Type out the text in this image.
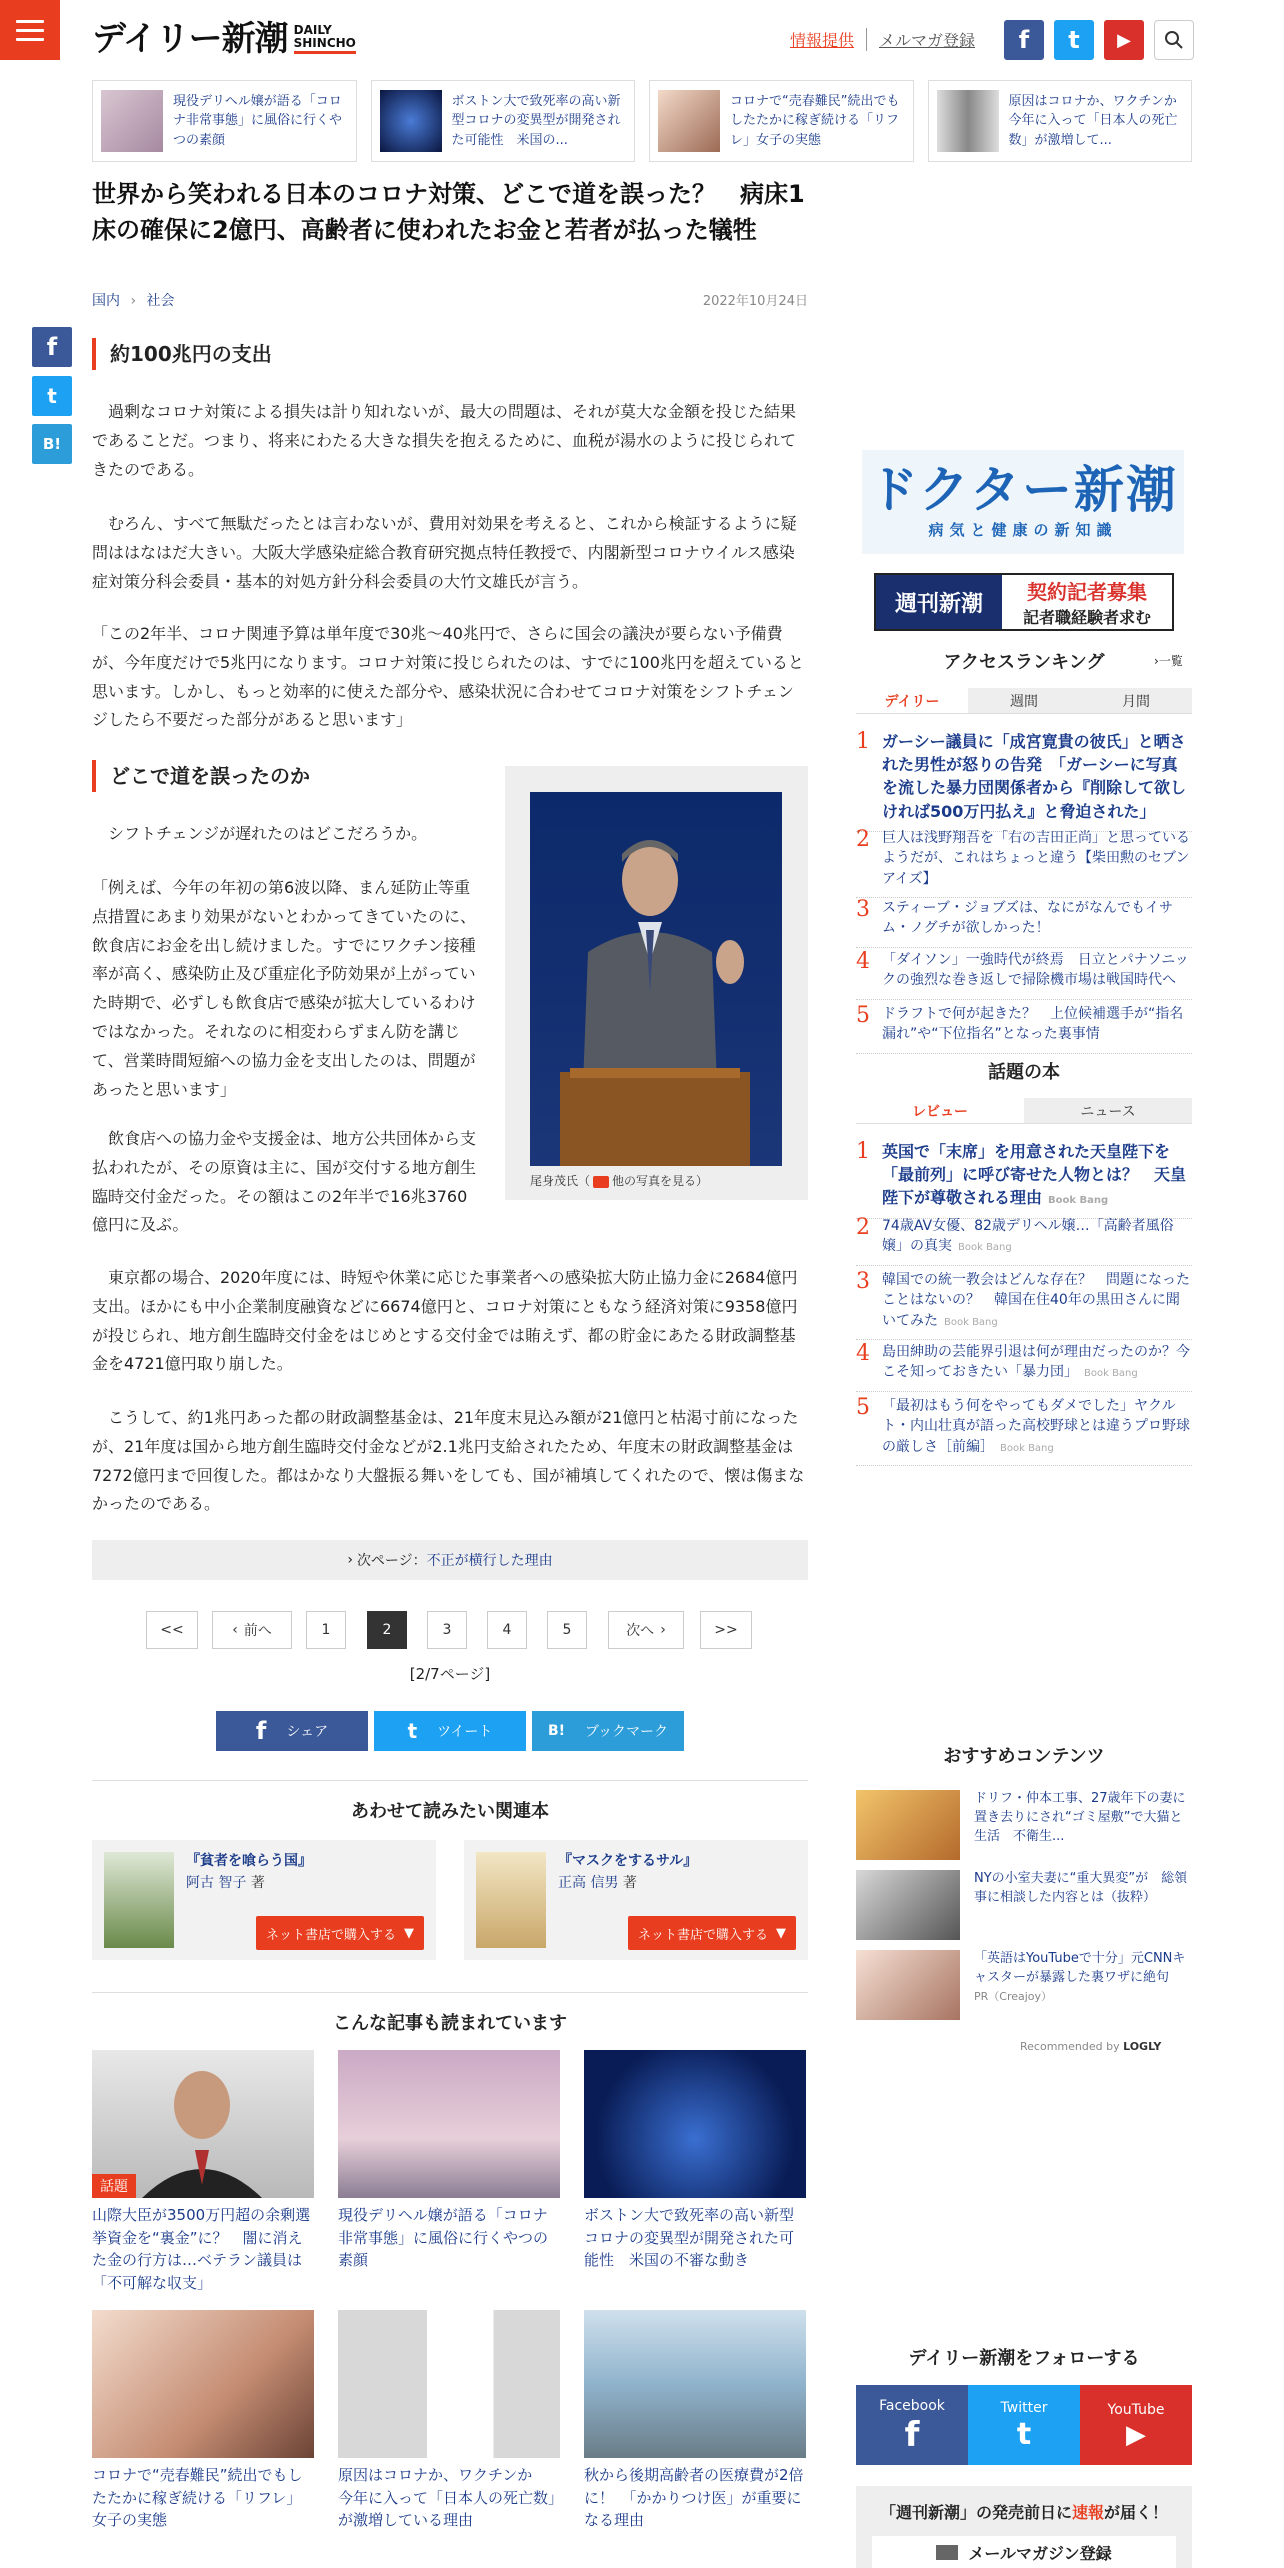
デイリー新潮 DAILY
SHINCHO	情報提供	メルマガ登録	f	t	▶
現役デリヘル嬢が語る「コロナ非常事態」に風俗に行くやつの素顔
ボストン大で致死率の高い新型コロナの変異型が開発された可能性　米国の...
コロナで“売春難民”続出でもしたたかに稼ぎ続ける「リフレ」女子の実態
原因はコロナか、ワクチンか　今年に入って「日本人の死亡数」が激増して...
世界から笑われる日本のコロナ対策、どこで道を誤った？　病床1床の確保に2億円、高齢者に使われたお金と若者が払った犠牲
国内 › 社会	2022年10月24日
f
t
B!
約100兆円の支出

　過剰なコロナ対策による損失は計り知れないが、最大の問題は、それが莫大な金額を投じた結果であることだ。つまり、将来にわたる大きな損失を抱えるために、血税が湯水のように投じられてきたのである。

　むろん、すべて無駄だったとは言わないが、費用対効果を考えると、これから検証するように疑問ははなはだ大きい。大阪大学感染症総合教育研究拠点特任教授で、内閣新型コロナウイルス感染症対策分科会委員・基本的対処方針分科会委員の大竹文雄氏が言う。

「この2年半、コロナ関連予算は単年度で30兆～40兆円で、さらに国会の議決が要らない予備費が、今年度だけで5兆円になります。コロナ対策に投じられたのは、すでに100兆円を超えていると思います。しかし、もっと効率的に使えた部分や、感染状況に合わせてコロナ対策をシフトチェンジしたら不要だった部分があると思います」

どこで道を誤ったのか

　シフトチェンジが遅れたのはどこだろうか。

「例えば、今年の年初の第6波以降、まん延防止等重点措置にあまり効果がないとわかってきていたのに、飲食店にお金を出し続けました。すでにワクチン接種率が高く、感染防止及び重症化予防効果が上がっていた時期で、必ずしも飲食店で感染が拡大しているわけではなかった。それなのに相変わらずまん防を講じて、営業時間短縮への協力金を支出したのは、問題があったと思います」

　飲食店への協力金や支援金は、地方公共団体から支払われたが、その原資は主に、国が交付する地方創生臨時交付金だった。その額はこの2年半で16兆3760億円に及ぶ。

尾身茂氏（ 他の写真を見る）

　東京都の場合、2020年度には、時短や休業に応じた事業者への感染拡大防止協力金に2684億円支出。ほかにも中小企業制度融資などに6674億円と、コロナ対策にともなう経済対策に9358億円が投じられ、地方創生臨時交付金をはじめとする交付金では賄えず、都の貯金にあたる財政調整基金を4721億円取り崩した。

　こうして、約1兆円あった都の財政調整基金は、21年度末見込み額が21億円と枯渇寸前になったが、21年度は国から地方創生臨時交付金などが2.1兆円支給されたため、年度末の財政調整基金は7272億円まで回復した。都はかなり大盤振る舞いをしても、国が補填してくれたので、懐は傷まなかったのである。

› 次ページ： 不正が横行した理由
<<	‹ 前へ	1	2	3	4	5	次へ ›	>>
[2/7ページ]
f シェア	t ツイート	B! ブックマーク
あわせて読みたい関連本
『貧者を喰らう国』
阿古 智子 著
ネット書店で購入する ▼
『マスクをするサル』
正高 信男 著
ネット書店で購入する ▼
こんな記事も読まれています
話題
山際大臣が3500万円超の余剰選挙資金を“裏金”に？　闇に消えた金の行方は…ベテラン議員は「不可解な収支」
現役デリヘル嬢が語る「コロナ非常事態」に風俗に行くやつの素顔
ボストン大で致死率の高い新型コロナの変異型が開発された可能性　米国の不審な動き
コロナで“売春難民”続出でもしたたかに稼ぎ続ける「リフレ」女子の実態
原因はコロナか、ワクチンか　今年に入って「日本人の死亡数」が激増している理由
秋から後期高齢者の医療費が2倍に！　「かかりつけ医」が重要になる理由
ドクター新潮
病気と健康の新知識
週刊新潮	契約記者募集
記者職経験者求む
アクセスランキング	›一覧
デイリー	週間	月間
1 ガーシー議員に「成宮寛貴の彼氏」と晒された男性が怒りの告発　「ガーシーに写真を流した暴力団関係者から『削除して欲しければ500万円払え』と脅迫された」
2 巨人は浅野翔吾を「右の吉田正尚」と思っているようだが、これはちょっと違う【柴田勲のセブンアイズ】
3 スティーブ・ジョブズは、なにがなんでもイサム・ノグチが欲しかった！
4 「ダイソン」一強時代が終焉　日立とパナソニックの強烈な巻き返しで掃除機市場は戦国時代へ
5 ドラフトで何が起きた？　上位候補選手が“指名漏れ”や“下位指名”となった裏事情
話題の本
レビュー	ニュース
1 英国で「末席」を用意された天皇陛下を「最前列」に呼び寄せた人物とは？　天皇陛下が尊敬される理由 Book Bang
2 74歳AV女優、82歳デリヘル嬢…「高齢者風俗嬢」の真実 Book Bang
3 韓国での統一教会はどんな存在？　問題になったことはないの？　韓国在住40年の黒田さんに聞いてみた Book Bang
4 島田紳助の芸能界引退は何が理由だったのか？今こそ知っておきたい「暴力団」 Book Bang
5 「最初はもう何をやってもダメでした」ヤクルト・内山壮真が語った高校野球とは違うプロ野球の厳しさ［前編］ Book Bang
おすすめコンテンツ
ドリフ・仲本工事、27歳年下の妻に置き去りにされ“ゴミ屋敷”で大猫と生活　不衛生...
NYの小室夫妻に“重大異変”が　総領事に相談した内容とは（抜粋）
「英語はYouTubeで十分」元CNNキャスターが暴露した裏ワザに絶句
PR（Creajoy）
Recommended by LOGLY
デイリー新潮をフォローする
Facebook
f
Twitter
t
YouTube
▶
「週刊新潮」の発売前日に速報が届く！
メールマガジン登録
